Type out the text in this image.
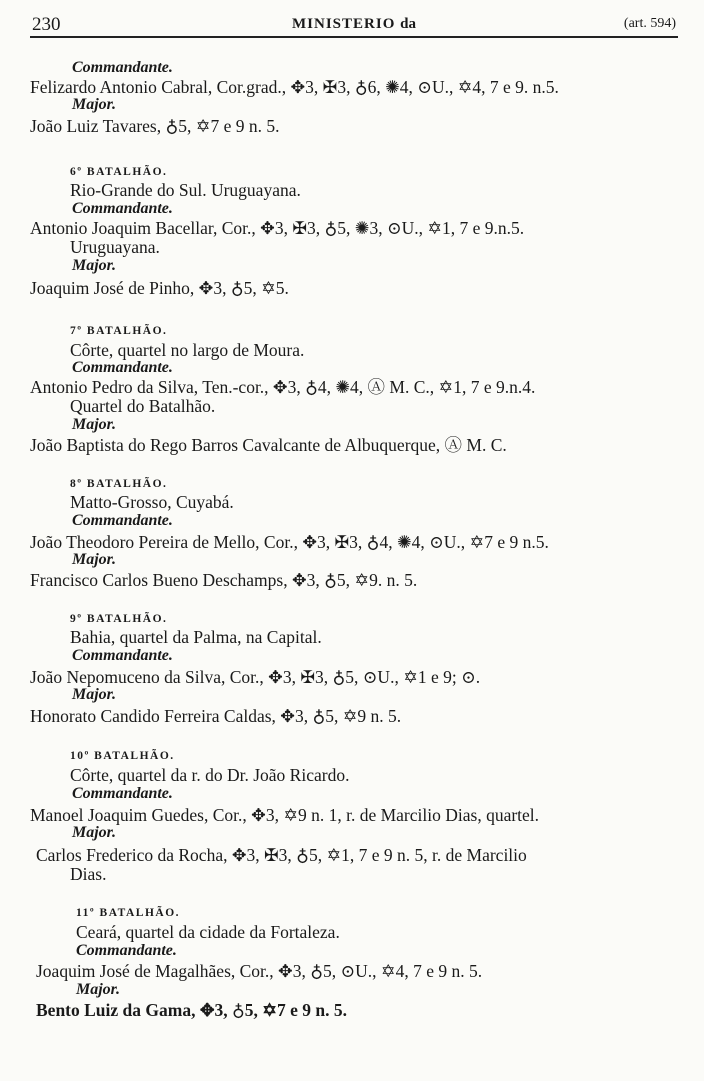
230	MINISTERIO da	(art. 594)
Commandante.
Felizardo Antonio Cabral, Cor.grad., ✥3, ✠3, ♁6, ✺4, ⊙U., ✡4, 7 e 9. n.5.
Major.
João Luiz Tavares, ♁5, ✡7 e 9 n. 5.
6º BATALHÃO.
Rio-Grande do Sul. Uruguayana.
Commandante.
Antonio Joaquim Bacellar, Cor., ✥3, ✠3, ♁5, ✺3, ⊙U., ✡1, 7 e 9.n.5.
Uruguayana.
Major.
Joaquim José de Pinho, ✥3, ♁5, ✡5.
7º BATALHÃO.
Côrte, quartel no largo de Moura.
Commandante.
Antonio Pedro da Silva, Ten.-cor., ✥3, ♁4, ✺4, Ⓐ M. C., ✡1, 7 e 9.n.4.
Quartel do Batalhão.
Major.
João Baptista do Rego Barros Cavalcante de Albuquerque, Ⓐ M. C.
8º BATALHÃO.
Matto-Grosso, Cuyabá.
Commandante.
João Theodoro Pereira de Mello, Cor., ✥3, ✠3, ♁4, ✺4, ⊙U., ✡7 e 9 n.5.
Major.
Francisco Carlos Bueno Deschamps, ✥3, ♁5, ✡9. n. 5.
9º BATALHÃO.
Bahia, quartel da Palma, na Capital.
Commandante.
João Nepomuceno da Silva, Cor., ✥3, ✠3, ♁5, ⊙U., ✡1 e 9; ⊙.
Major.
Honorato Candido Ferreira Caldas, ✥3, ♁5, ✡9 n. 5.
10º BATALHÃO.
Côrte, quartel da r. do Dr. João Ricardo.
Commandante.
Manoel Joaquim Guedes, Cor., ✥3, ✡9 n. 1, r. de Marcilio Dias, quartel.
Major.
Carlos Frederico da Rocha, ✥3, ✠3, ♁5, ✡1, 7 e 9 n. 5, r. de Marcilio
Dias.
11º BATALHÃO.
Ceará, quartel da cidade da Fortaleza.
Commandante.
Joaquim José de Magalhães, Cor., ✥3, ♁5, ⊙U., ✡4, 7 e 9 n. 5.
Major.
Bento Luiz da Gama, ✥3, ♁5, ✡7 e 9 n. 5.
